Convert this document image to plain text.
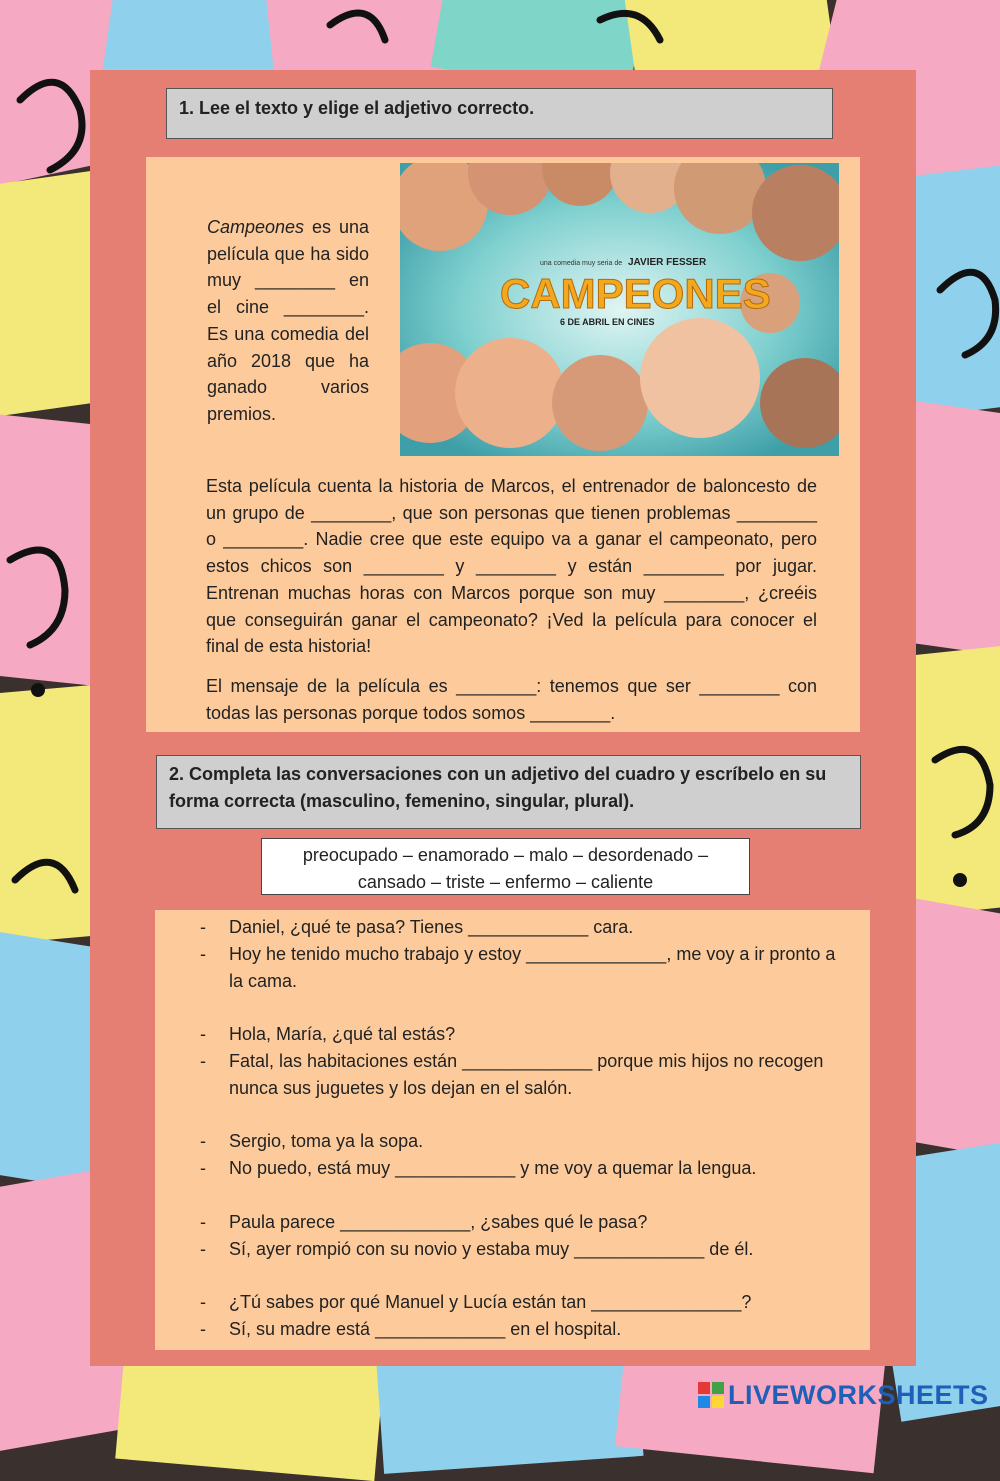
1. Lee el texto y elige el adjetivo correcto.

Campeones es una película que ha sido muy ________ en el cine ________. Es una comedia del año 2018 que ha ganado varios premios.

una comedia muy seria de JAVIER FESSER
CAMPEONES
6 DE ABRIL EN CINES

Esta película cuenta la historia de Marcos, el entrenador de baloncesto de un grupo de ________, que son personas que tienen problemas ________ o ________. Nadie cree que este equipo va a ganar el campeonato, pero estos chicos son ________ y ________ y están ________ por jugar. Entrenan muchas horas con Marcos porque son muy ________, ¿creéis que conseguirán ganar el campeonato? ¡Ved la película para conocer el final de esta historia!

El mensaje de la película es ________: tenemos que ser ________ con todas las personas porque todos somos ________.

2. Completa las conversaciones con un adjetivo del cuadro y escríbelo en su forma correcta (masculino, femenino, singular, plural).
preocupado – enamorado – malo – desordenado –
cansado – triste – enfermo – caliente
- Daniel, ¿qué te pasa? Tienes ____________ cara.
- Hoy he tenido mucho trabajo y estoy ______________, me voy a ir pronto a la cama.
- Hola, María, ¿qué tal estás?
- Fatal, las habitaciones están _____________ porque mis hijos no recogen nunca sus juguetes y los dejan en el salón.
- Sergio, toma ya la sopa.
- No puedo, está muy ____________ y me voy a quemar la lengua.
- Paula parece _____________, ¿sabes qué le pasa?
- Sí, ayer rompió con su novio y estaba muy _____________ de él.
- ¿Tú sabes por qué Manuel y Lucía están tan _______________?
- Sí, su madre está _____________ en el hospital.
LIVEWORKSHEETS
